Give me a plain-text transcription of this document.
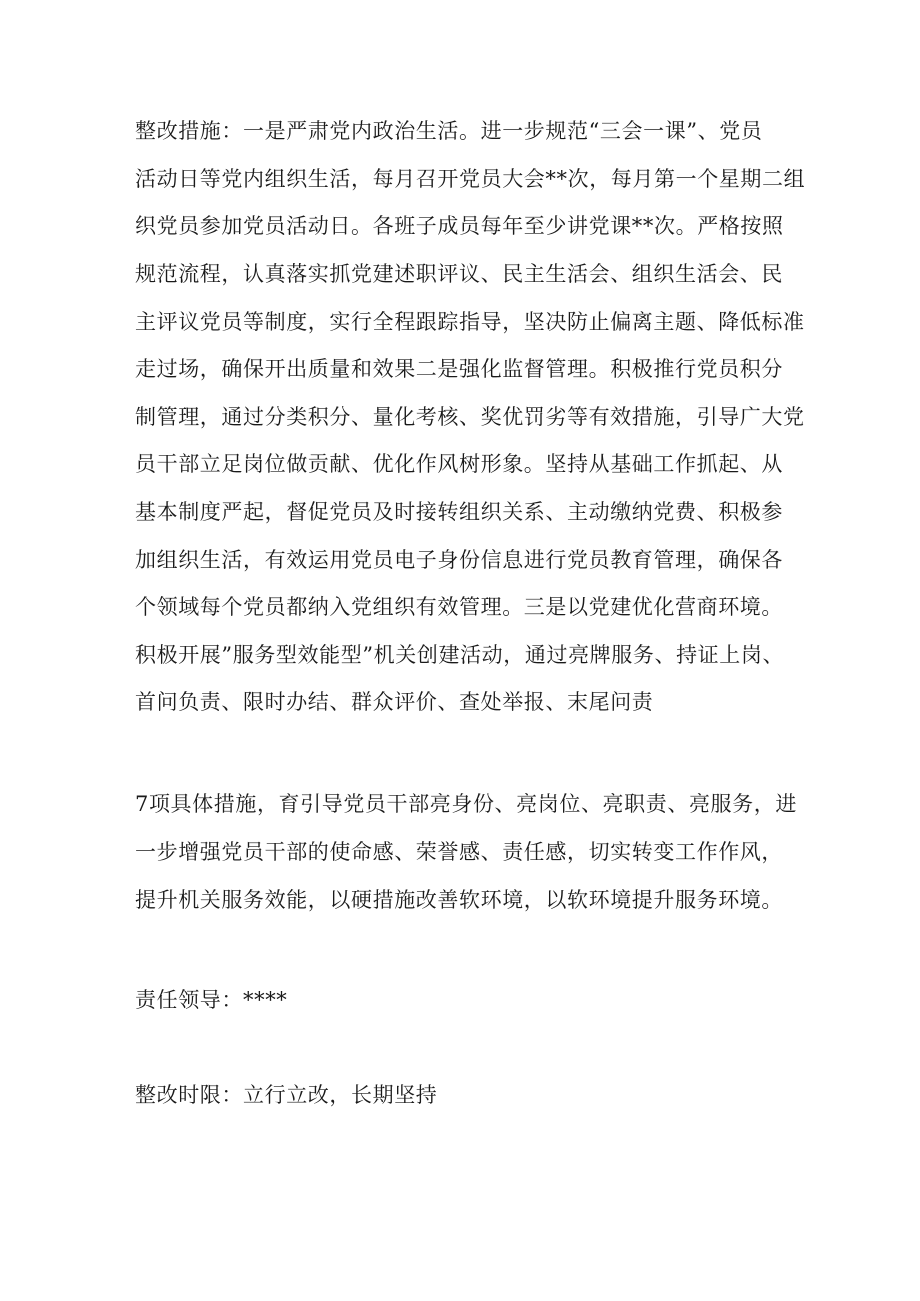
整改措施：一是严肃党内政治生活。进一步规范“三会一课”、党员

活动日等党内组织生活，每月召开党员大会**次，每月第一个星期二组

织党员参加党员活动日。各班子成员每年至少讲党课**次。严格按照

规范流程，认真落实抓党建述职评议、民主生活会、组织生活会、民

主评议党员等制度，实行全程跟踪指导，坚决防止偏离主题、降低标准

走过场，确保开出质量和效果二是强化监督管理。积极推行党员积分

制管理，通过分类积分、量化考核、奖优罚劣等有效措施，引导广大党

员干部立足岗位做贡献、优化作风树形象。坚持从基础工作抓起、从

基本制度严起，督促党员及时接转组织关系、主动缴纳党费、积极参

加组织生活，有效运用党员电子身份信息进行党员教育管理，确保各

个领域每个党员都纳入党组织有效管理。三是以党建优化营商环境。

积极开展”服务型效能型”机关创建活动，通过亮牌服务、持证上岗、

首问负责、限时办结、群众评价、查处举报、末尾问责

7项具体措施，育引导党员干部亮身份、亮岗位、亮职责、亮服务，进

一步增强党员干部的使命感、荣誉感、责任感，切实转变工作作风，

提升机关服务效能，以硬措施改善软环境，以软环境提升服务环境。

责任领导：****

整改时限：立行立改，长期坚持
